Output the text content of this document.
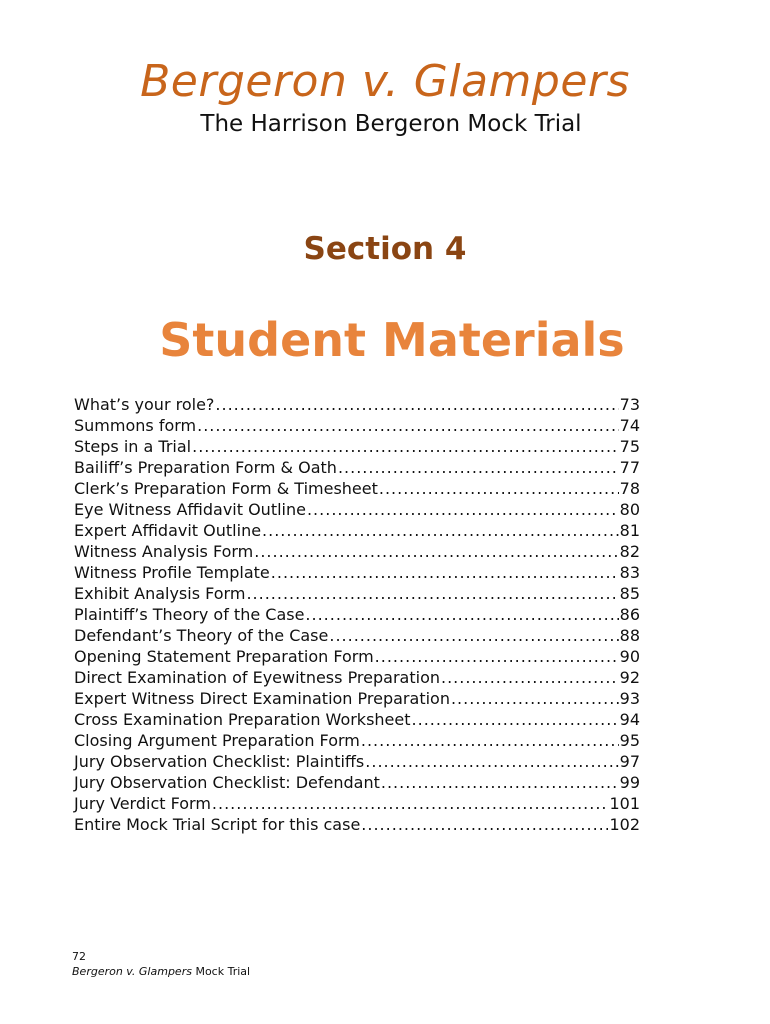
Bergeron v. Glampers
The Harrison Bergeron Mock Trial
Section 4
Student Materials
What’s your role? .....	73
Summons form .....	74
Steps in a Trial .....	75
Bailiff’s Preparation Form & Oath .....	77
Clerk’s Preparation Form & Timesheet .....	78
Eye Witness Affidavit Outline .....	80
Expert Affidavit Outline .....	81
Witness Analysis Form .....	82
Witness Profile Template .....	83
Exhibit Analysis Form .....	85
Plaintiff’s Theory of the Case .....	86
Defendant’s Theory of the Case .....	88
Opening Statement Preparation Form .....	90
Direct Examination of Eyewitness Preparation .....	92
Expert Witness Direct Examination Preparation .....	93
Cross Examination Preparation Worksheet .....	94
Closing Argument Preparation Form .....	95
Jury Observation Checklist: Plaintiffs .....	97
Jury Observation Checklist: Defendant .....	99
Jury Verdict Form .....	101
Entire Mock Trial Script for this case .....	102
72
Bergeron v. Glampers Mock Trial
